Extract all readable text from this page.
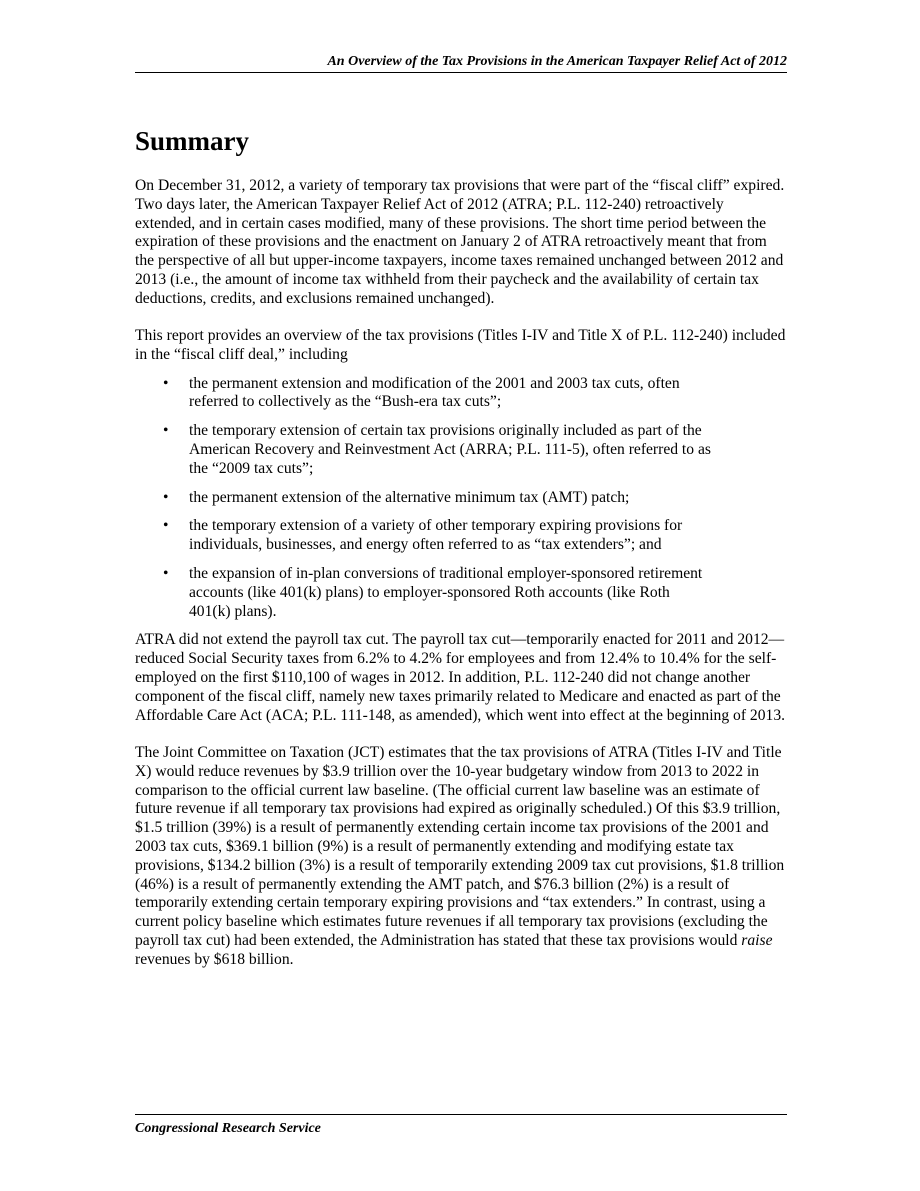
An Overview of the Tax Provisions in the American Taxpayer Relief Act of 2012
Summary

On December 31, 2012, a variety of temporary tax provisions that were part of the “fiscal cliff” expired. Two days later, the American Taxpayer Relief Act of 2012 (ATRA; P.L. 112-240) retroactively extended, and in certain cases modified, many of these provisions. The short time period between the expiration of these provisions and the enactment on January 2 of ATRA retroactively meant that from the perspective of all but upper-income taxpayers, income taxes remained unchanged between 2012 and 2013 (i.e., the amount of income tax withheld from their paycheck and the availability of certain tax deductions, credits, and exclusions remained unchanged).

This report provides an overview of the tax provisions (Titles I-IV and Title X of P.L. 112-240) included in the “fiscal cliff deal,” including

• the permanent extension and modification of the 2001 and 2003 tax cuts, often referred to collectively as the “Bush-era tax cuts”;
• the temporary extension of certain tax provisions originally included as part of the American Recovery and Reinvestment Act (ARRA; P.L. 111-5), often referred to as the “2009 tax cuts”;
• the permanent extension of the alternative minimum tax (AMT) patch;
• the temporary extension of a variety of other temporary expiring provisions for individuals, businesses, and energy often referred to as “tax extenders”; and
• the expansion of in-plan conversions of traditional employer-sponsored retirement accounts (like 401(k) plans) to employer-sponsored Roth accounts (like Roth 401(k) plans).

ATRA did not extend the payroll tax cut. The payroll tax cut—temporarily enacted for 2011 and 2012—reduced Social Security taxes from 6.2% to 4.2% for employees and from 12.4% to 10.4% for the self-employed on the first $110,100 of wages in 2012. In addition, P.L. 112-240 did not change another component of the fiscal cliff, namely new taxes primarily related to Medicare and enacted as part of the Affordable Care Act (ACA; P.L. 111-148, as amended), which went into effect at the beginning of 2013.

The Joint Committee on Taxation (JCT) estimates that the tax provisions of ATRA (Titles I-IV and Title X) would reduce revenues by $3.9 trillion over the 10-year budgetary window from 2013 to 2022 in comparison to the official current law baseline. (The official current law baseline was an estimate of future revenue if all temporary tax provisions had expired as originally scheduled.) Of this $3.9 trillion, $1.5 trillion (39%) is a result of permanently extending certain income tax provisions of the 2001 and 2003 tax cuts, $369.1 billion (9%) is a result of permanently extending and modifying estate tax provisions, $134.2 billion (3%) is a result of temporarily extending 2009 tax cut provisions, $1.8 trillion (46%) is a result of permanently extending the AMT patch, and $76.3 billion (2%) is a result of temporarily extending certain temporary expiring provisions and “tax extenders.” In contrast, using a current policy baseline which estimates future revenues if all temporary tax provisions (excluding the payroll tax cut) had been extended, the Administration has stated that these tax provisions would raise revenues by $618 billion.

Congressional Research Service
